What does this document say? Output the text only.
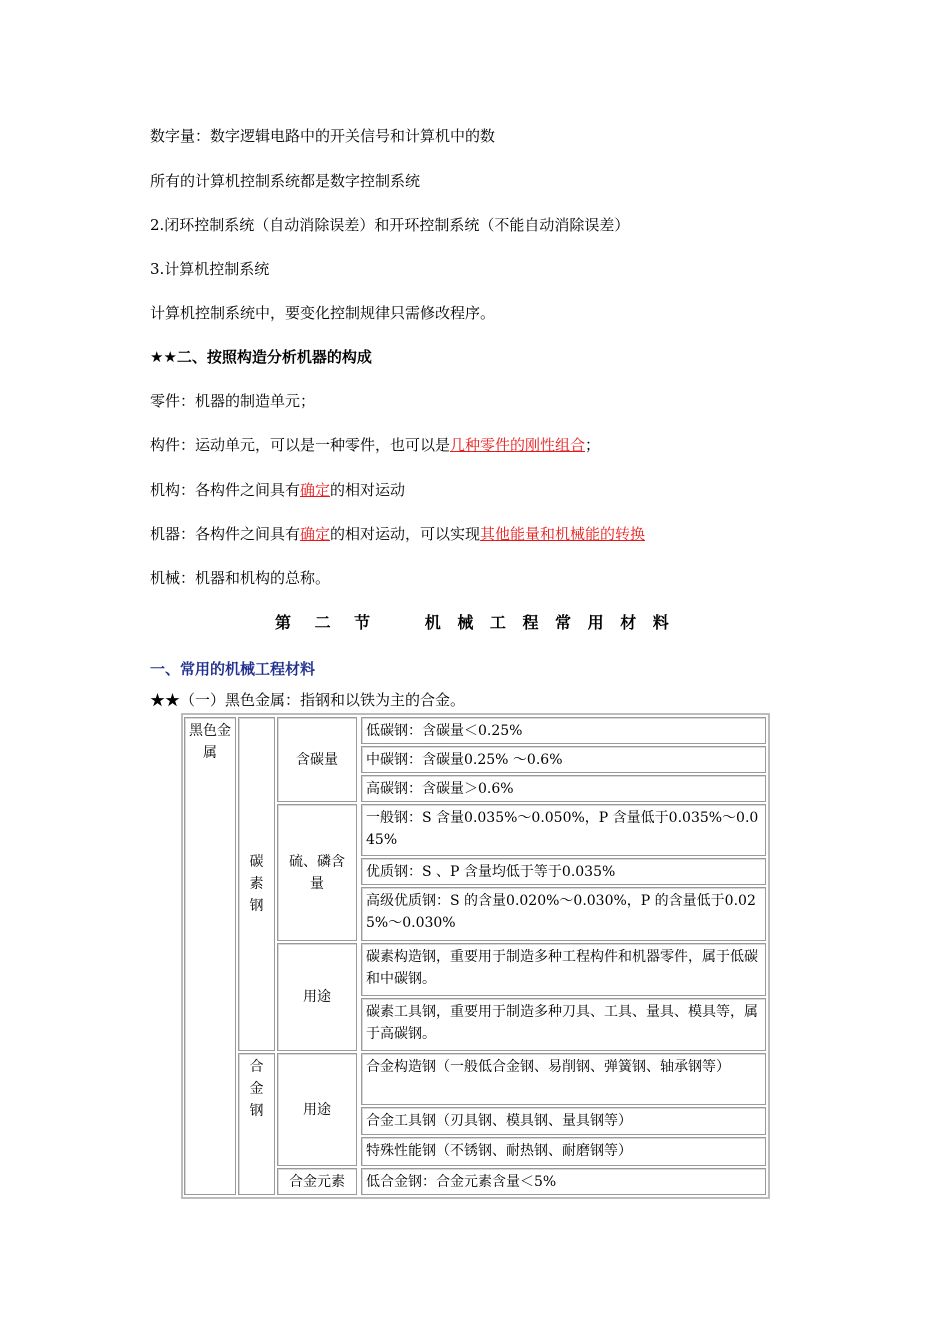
数字量：数字逻辑电路中的开关信号和计算机中的数
所有的计算机控制系统都是数字控制系统
2.闭环控制系统（自动消除误差）和开环控制系统（不能自动消除误差）
3.计算机控制系统
计算机控制系统中，要变化控制规律只需修改程序。
★★二、按照构造分析机器的构成
零件：机器的制造单元；
构件：运动单元，可以是一种零件，也可以是几种零件的刚性组合；
机构：各构件之间具有确定的相对运动
机器：各构件之间具有确定的相对运动，可以实现其他能量和机械能的转换
机械：机器和机构的总称。
第 二 节	机 械 工 程 常 用 材 料
一、常用的机械工程材料
★★（一）黑色金属：指钢和以铁为主的合金。
黑色金属
碳素钢
合金钢
含碳量
硫、磷含量
用途
用途
合金元素
低碳钢：含碳量＜0.25%
中碳钢：含碳量0.25% ～0.6%
高碳钢：含碳量＞0.6%
一般钢：S 含量0.035%～0.050%，P 含量低于0.035%～0.045%
优质钢：S 、P 含量均低于等于0.035%
高级优质钢：S 的含量0.020%～0.030%，P 的含量低于0.025%～0.030%
碳素构造钢，重要用于制造多种工程构件和机器零件，属于低碳和中碳钢。
碳素工具钢，重要用于制造多种刀具、工具、量具、模具等，属于高碳钢。
合金构造钢（一般低合金钢、易削钢、弹簧钢、轴承钢等）
合金工具钢（刃具钢、模具钢、量具钢等）
特殊性能钢（不锈钢、耐热钢、耐磨钢等）
低合金钢：合金元素含量＜5%
